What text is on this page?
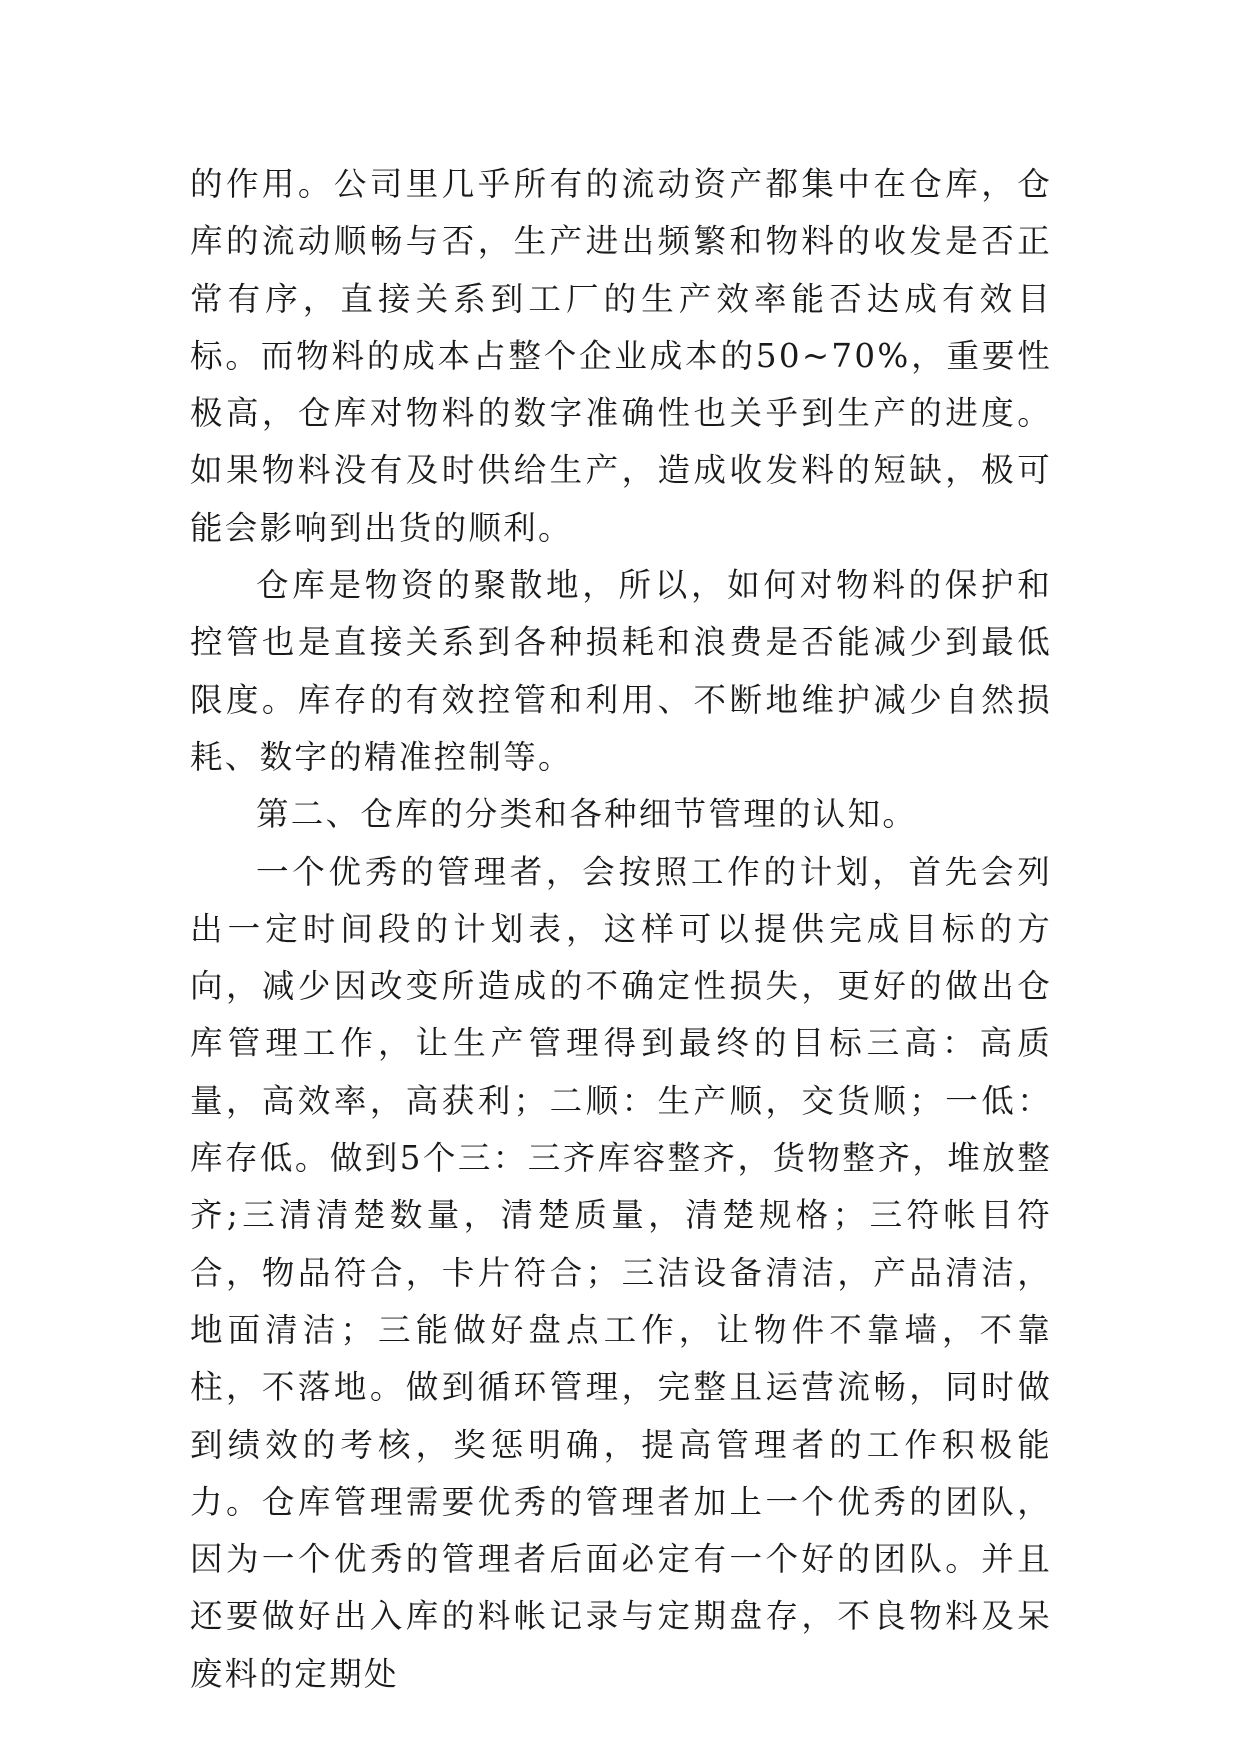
的作用。公司里几乎所有的流动资产都集中在仓库，仓库的流动顺畅与否，生产进出频繁和物料的收发是否正常有序，直接关系到工厂的生产效率能否达成有效目标。而物料的成本占整个企业成本的50~70%，重要性极高，仓库对物料的数字准确性也关乎到生产的进度。如果物料没有及时供给生产，造成收发料的短缺，极可能会影响到出货的顺利。

仓库是物资的聚散地，所以，如何对物料的保护和控管也是直接关系到各种损耗和浪费是否能减少到最低限度。库存的有效控管和利用、不断地维护减少自然损耗、数字的精准控制等。

第二、仓库的分类和各种细节管理的认知。

一个优秀的管理者，会按照工作的计划，首先会列出一定时间段的计划表，这样可以提供完成目标的方向，减少因改变所造成的不确定性损失，更好的做出仓库管理工作，让生产管理得到最终的目标三高：高质量，高效率，高获利；二顺：生产顺，交货顺；一低：库存低。做到5个三：三齐库容整齐，货物整齐，堆放整齐;三清清楚数量，清楚质量，清楚规格；三符帐目符合，物品符合，卡片符合；三洁设备清洁，产品清洁，地面清洁；三能做好盘点工作，让物件不靠墙，不靠柱，不落地。做到循环管理，完整且运营流畅，同时做到绩效的考核，奖惩明确，提高管理者的工作积极能力。仓库管理需要优秀的管理者加上一个优秀的团队，因为一个优秀的管理者后面必定有一个好的团队。并且还要做好出入库的料帐记录与定期盘存，不良物料及呆废料的定期处
